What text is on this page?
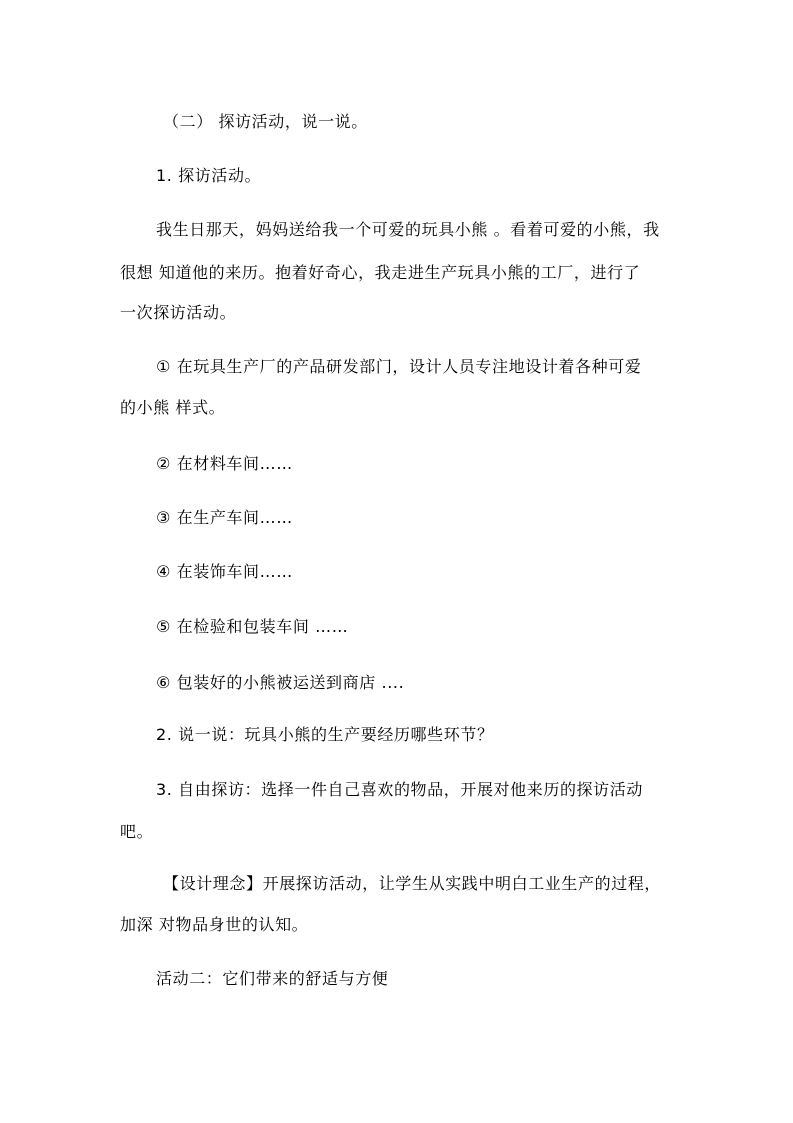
（二） 探访活动，说一说。
1. 探访活动。
我生日那天，妈妈送给我一个可爱的玩具小熊 。看着可爱的小熊，我
很想 知道他的来历。抱着好奇心，我走进生产玩具小熊的工厂，进行了
一次探访活动。
① 在玩具生产厂的产品研发部门，设计人员专注地设计着各种可爱
的小熊 样式。
② 在材料车间……
③ 在生产车间……
④ 在装饰车间……
⑤ 在检验和包装车间 ……
⑥ 包装好的小熊被运送到商店 ....
2. 说一说：玩具小熊的生产要经历哪些环节？
3. 自由探访：选择一件自己喜欢的物品，开展对他来历的探访活动
吧。
【设计理念】开展探访活动，让学生从实践中明白工业生产的过程，
加深 对物品身世的认知。
活动二：它们带来的舒适与方便
